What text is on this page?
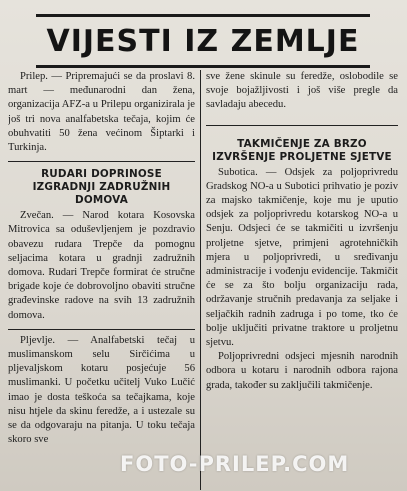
VIJESTI IZ ZEMLJE

Prilep. — Pripremajući se da proslavi 8. mart — međunarodni dan žena, organizacija AFZ-a u Prilepu organizirala je još tri nova analfabetska tečaja, kojim će obuhvatiti 50 žena većinom Šiptarki i Turkinja.

RUDARI DOPRINOSE IZGRADNJI ZADRUŽNIH DOMOVA

Zvečan. — Narod kotara Kosovska Mitrovica sa oduševljenjem je pozdravio obavezu rudara Trepče da pomognu seljacima kotara u gradnji zadružnih domova. Rudari Trepče formirat će stručne brigade koje će dobrovoljno obaviti stručne građevinske radove na svih 13 zadružnih domova.

Pljevlje. — Analfabetski tečaj u muslimanskom selu Sirčićima u pljevaljskom kotaru posjećuje 56 muslimanki. U početku učitelj Vuko Lučić imao je dosta teškoća sa tečajkama, koje nisu htjele da skinu feredže, a i ustezale su se da odgovaraju na pitanja. U toku tečaja skoro sve

sve žene skinule su feredže, oslobodile se svoje bojažljivosti i još više pregle da savladaju abecedu.

TAKMIČENJE ZA BRZO IZVRŠENJE PROLJETNE SJETVE

Subotica. — Odsjek za poljoprivredu Gradskog NO-a u Subotici prihvatio je poziv za majsko takmičenje, koje mu je uputio odsjek za poljoprivredu kotarskog NO-a u Senju. Odsjeci će se takmičiti u izvršenju proljetne sjetve, primjeni agrotehničkih mjera u poljoprivredi, u sređivanju administracije i vođenju evidencije. Takmičit će se za što bolju organizaciju rada, održavanje stručnih predavanja za seljake i seljačkih radnih zadruga i po tome, tko će bolje uključiti privatne traktore u proljetnu sjetvu.

Poljoprivredni odsjeci mjesnih narodnih odbora u kotaru i narodnih odbora rajona grada, također su zaključili takmičenje.

FOTO-PRILEP.COM
